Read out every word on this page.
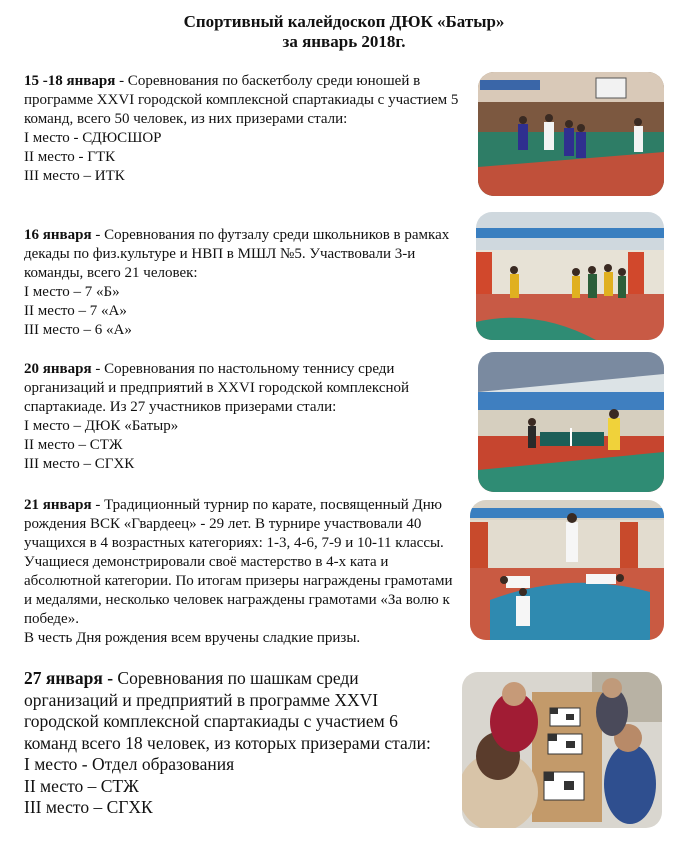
Спортивный калейдоскоп ДЮК «Батыр»
за январь 2018г.

15 -18 января - Соревнования по баскетболу среди юношей в программе XXVI городской комплексной спартакиады с участием 5 команд, всего 50 человек, из них призерами стали:

I место - СДЮСШОР

II место - ГТК

III место – ИТК

16 января - Соревнования по футзалу среди школьников в рамках декады по физ.культуре и НВП в МШЛ №5. Участвовали 3-и команды, всего 21 человек:

I место – 7 «Б»

II место – 7 «А»

III место – 6 «А»

20 января - Соревнования по настольному теннису среди организаций и предприятий в XXVI городской комплексной спартакиаде. Из 27 участников призерами стали:

I место – ДЮК «Батыр»

II место – СТЖ

III место – СГХК

21 января - Традиционный турнир по карате, посвященный Дню рождения ВСК «Гвардеец» - 29 лет. В турнире участвовали 40 учащихся в 4 возрастных категориях: 1-3, 4-6, 7-9 и 10-11 классы. Учащиеся демонстрировали своё мастерство в 4-х ката и абсолютной категории. По итогам призеры награждены грамотами и медалями, несколько человек награждены грамотами «За волю к победе».

В честь Дня рождения всем вручены сладкие призы.

27 января - Соревнования по шашкам среди организаций и предприятий в программе XXVI городской комплексной спартакиады с участием 6 команд всего 18 человек, из которых призерами стали:

I место - Отдел образования

II место – СТЖ

III место – СГХК
